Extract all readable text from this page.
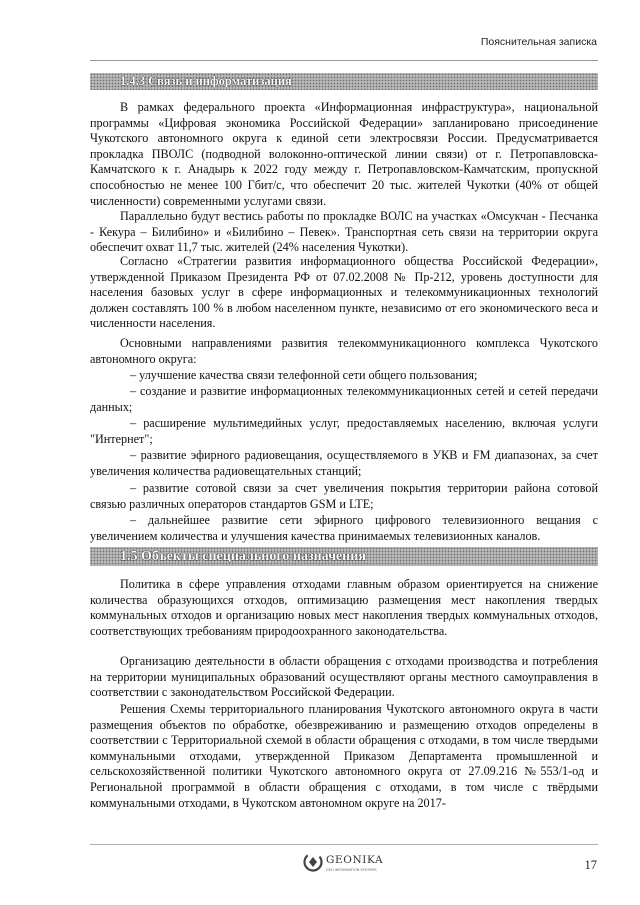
Пояснительная записка
1.4.3 Связь и информатизация

В рамках федерального проекта «Информационная инфраструктура», национальной программы «Цифровая экономика Российской Федерации» запланировано присоединение Чукотского автономного округа к единой сети электросвязи России. Предусматривается прокладка ПВОЛС (подводной волоконно-оптической линии связи) от г. Петропавловска-Камчатского к г. Анадырь к 2022 году между г. Петропавловском-Камчатским, пропускной способностью не менее 100 Гбит/с, что обеспечит 20 тыс. жителей Чукотки (40% от общей численности) современными услугами связи.

Параллельно будут вестись работы по прокладке ВОЛС на участках «Омсукчан - Песчанка - Кекура – Билибино» и «Билибино – Певек». Транспортная сеть связи на территории округа обеспечит охват 11,7 тыс. жителей (24% населения Чукотки).

Согласно «Стратегии развития информационного общества Российской Федерации», утвержденной Приказом Президента РФ от 07.02.2008 № Пр-212, уровень доступности для населения базовых услуг в сфере информационных и телекоммуникационных технологий должен составлять 100 % в любом населенном пункте, независимо от его экономического веса и численности населения.

Основными направлениями развития телекоммуникационного комплекса Чукотского автономного округа:

– улучшение качества связи телефонной сети общего пользования;

– создание и развитие информационных телекоммуникационных сетей и сетей передачи данных;

– расширение мультимедийных услуг, предоставляемых населению, включая услуги "Интернет";

– развитие эфирного радиовещания, осуществляемого в УКВ и FM диапазонах, за счет увеличения количества радиовещательных станций;

– развитие сотовой связи за счет увеличения покрытия территории района сотовой связью различных операторов стандартов GSM и LTE;

– дальнейшее развитие сети эфирного цифрового телевизионного вещания с увеличением количества и улучшения качества принимаемых телевизионных каналов.

1.5 Объекты специального назначения

Политика в сфере управления отходами главным образом ориентируется на снижение количества образующихся отходов, оптимизацию размещения мест накопления твердых коммунальных отходов и организацию новых мест накопления твердых коммунальных отходов, соответствующих требованиям природоохранного законодательства.

Организацию деятельности в области обращения с отходами производства и потребления на территории муниципальных образований осуществляют органы местного самоуправления в соответствии с законодательством Российской Федерации.

Решения Схемы территориального планирования Чукотского автономного округа в части размещения объектов по обработке, обезвреживанию и размещению отходов определены в соответствии с Территориальной схемой в области обращения с отходами, в том числе твердыми коммунальными отходами, утвержденной Приказом Департамента промышленной и сельскохозяйственной политики Чукотского автономного округа от 27.09.216 №553/1-од и Региональной программой в области обращения с отходами, в том числе с твёрдыми коммунальными отходами, в Чукотском автономном округе на 2017-

GEONIKA
GEO INFORMATION SYSTEMS	17
